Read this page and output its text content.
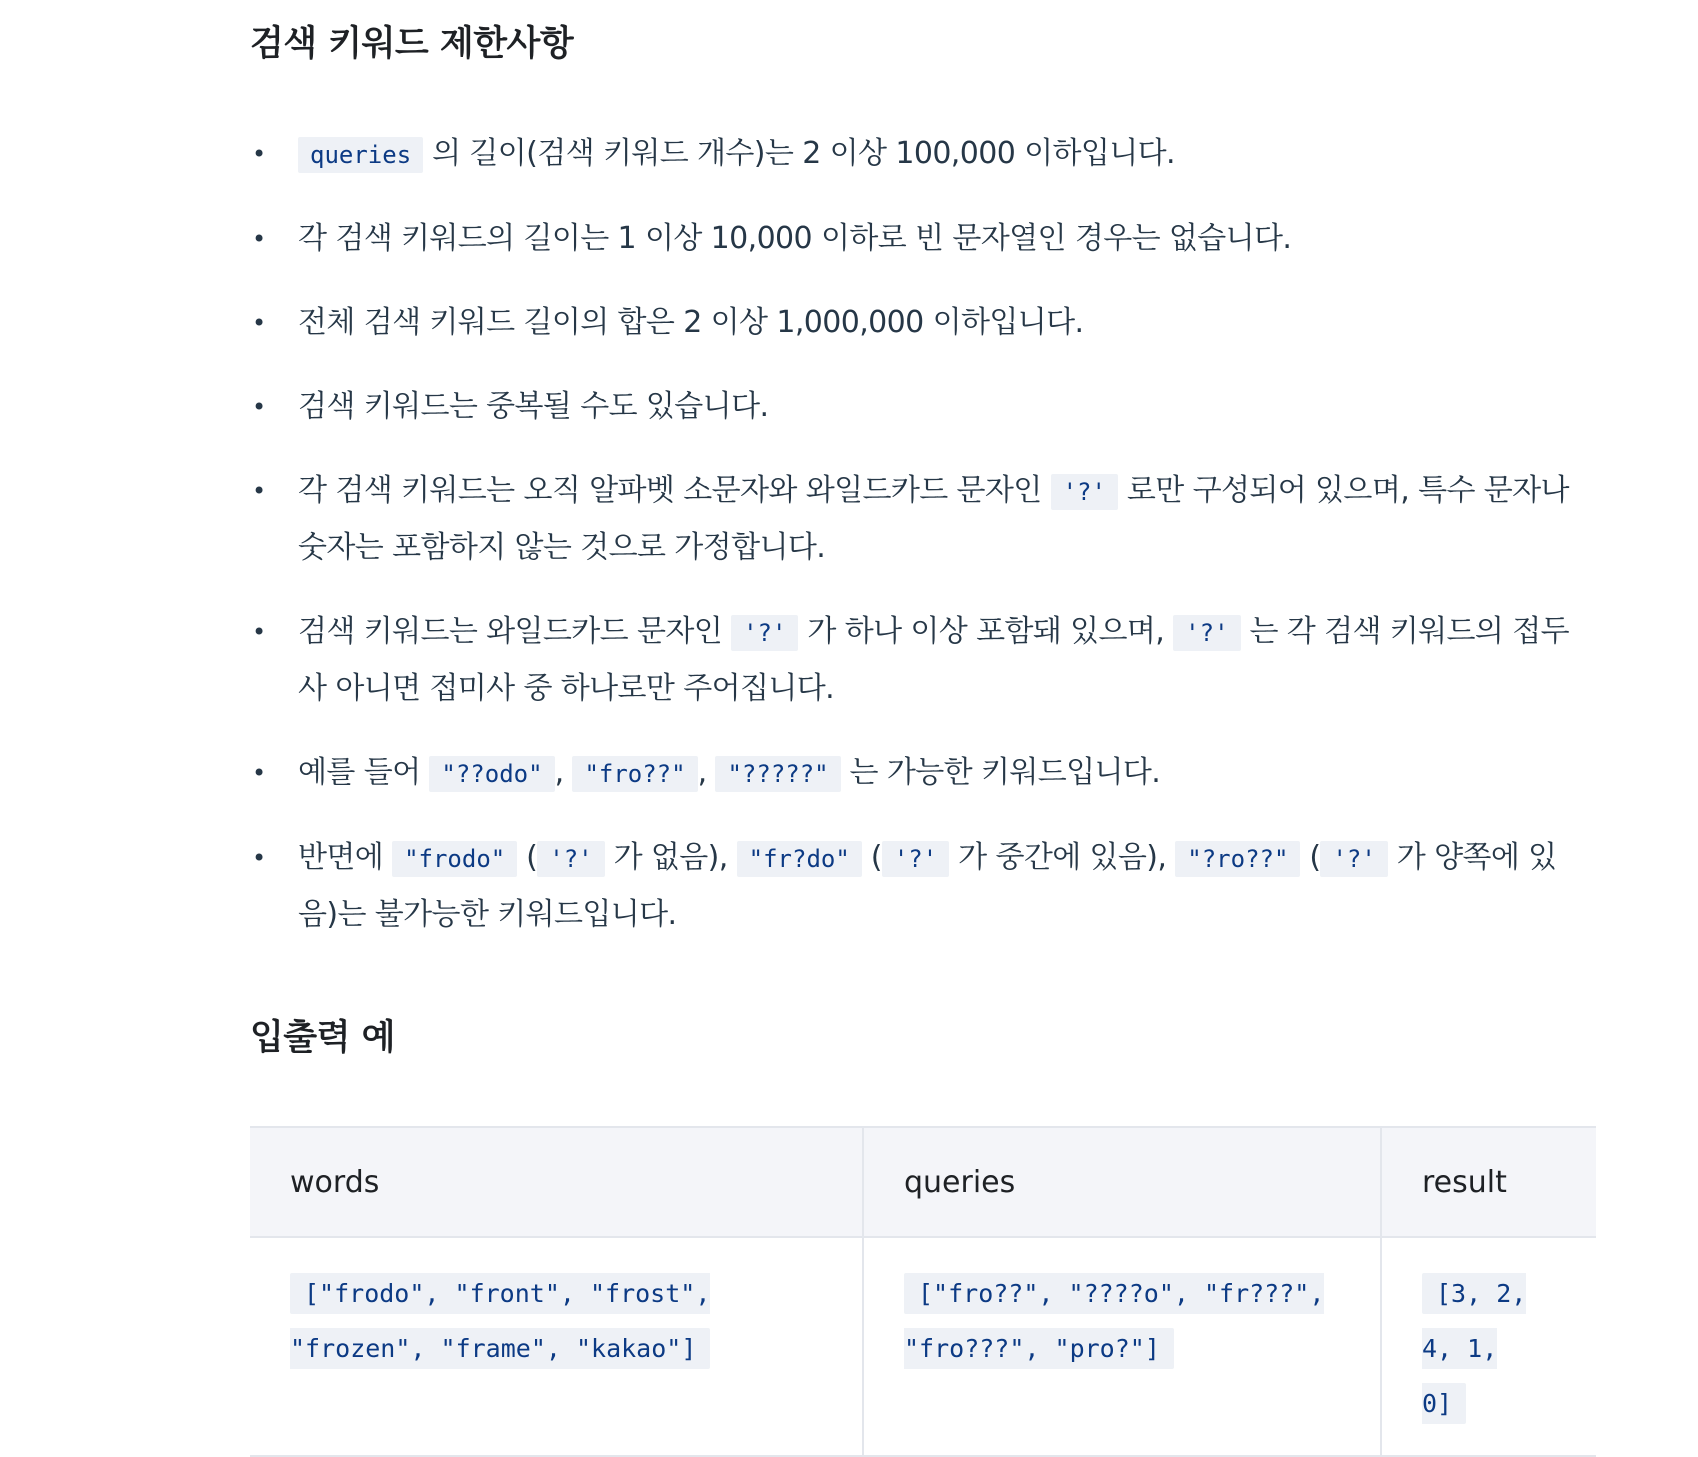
검색 키워드 제한사항
• queries 의 길이(검색 키워드 개수)는 2 이상 100,000 이하입니다.
• 각 검색 키워드의 길이는 1 이상 10,000 이하로 빈 문자열인 경우는 없습니다.
• 전체 검색 키워드 길이의 합은 2 이상 1,000,000 이하입니다.
• 검색 키워드는 중복될 수도 있습니다.
• 각 검색 키워드는 오직 알파벳 소문자와 와일드카드 문자인 '?' 로만 구성되어 있으며, 특수 문자나 숫자는 포함하지 않는 것으로 가정합니다.
• 검색 키워드는 와일드카드 문자인 '?' 가 하나 이상 포함돼 있으며, '?' 는 각 검색 키워드의 접두사 아니면 접미사 중 하나로만 주어집니다.
• 예를 들어 "??odo" , "fro??" , "?????" 는 가능한 키워드입니다.
• 반면에 "frodo" ( '?' 가 없음), "fr?do" ( '?' 가 중간에 있음), "?ro??" ( '?' 가 양쪽에 있음)는 불가능한 키워드입니다.
입출력 예
words	queries	result
["frodo", "front", "frost", "frozen", "frame", "kakao"]	["fro??", "????o", "fr???", "fro???", "pro?"]	[3, 2, 4, 1, 0]
